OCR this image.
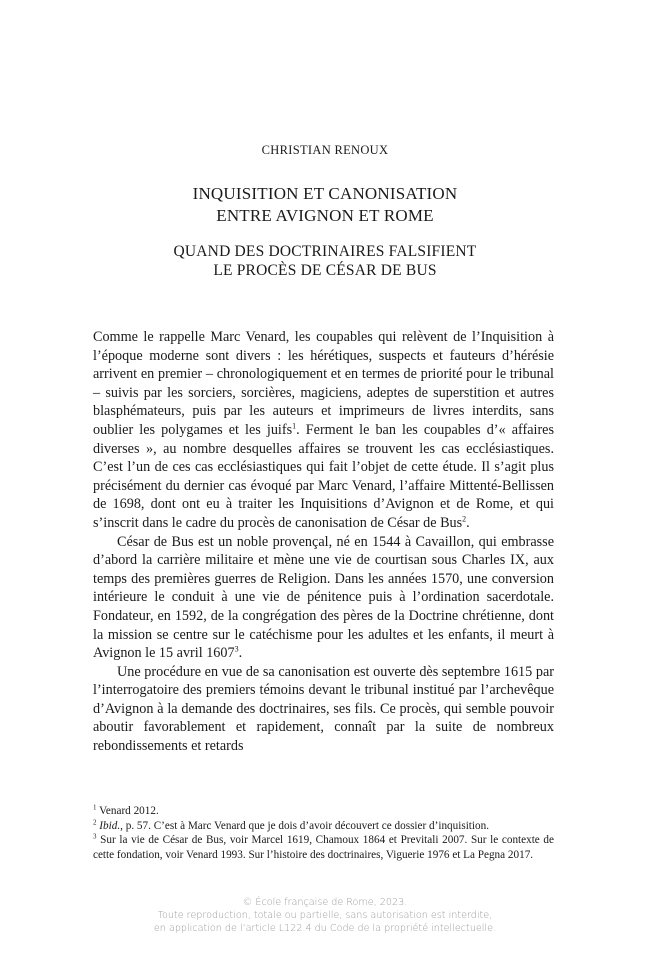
CHRISTIAN RENOUX
INQUISITION ET CANONISATION
ENTRE AVIGNON ET ROME
QUAND DES DOCTRINAIRES FALSIFIENT
LE PROCÈS DE CÉSAR DE BUS

Comme le rappelle Marc Venard, les coupables qui relèvent de l’Inquisition à l’époque moderne sont divers : les hérétiques, suspects et fauteurs d’hérésie arrivent en premier – chronologiquement et en termes de priorité pour le tribunal – suivis par les sorciers, sorcières, magiciens, adeptes de superstition et autres blasphémateurs, puis par les auteurs et imprimeurs de livres interdits, sans oublier les polygames et les juifs$^1$. Ferment le ban les coupables d’« affaires diverses », au nombre desquelles affaires se trouvent les cas ecclésiastiques. C’est l’un de ces cas ecclésiastiques qui fait l’objet de cette étude. Il s’agit plus précisément du dernier cas évoqué par Marc Venard, l’affaire Mittenté-Bellissen de 1698, dont ont eu à traiter les Inquisitions d’Avignon et de Rome, et qui s’inscrit dans le cadre du procès de canonisation de César de Bus$^2$.

César de Bus est un noble provençal, né en 1544 à Cavaillon, qui embrasse d’abord la carrière militaire et mène une vie de courtisan sous Charles IX, aux temps des premières guerres de Religion. Dans les années 1570, une conversion intérieure le conduit à une vie de pénitence puis à l’ordination sacerdotale. Fondateur, en 1592, de la congrégation des pères de la Doctrine chrétienne, dont la mission se centre sur le catéchisme pour les adultes et les enfants, il meurt à Avignon le 15 avril 1607$^3$.

Une procédure en vue de sa canonisation est ouverte dès septembre 1615 par l’interrogatoire des premiers témoins devant le tribunal institué par l’archevêque d’Avignon à la demande des doctrinaires, ses fils. Ce procès, qui semble pouvoir aboutir favorablement et rapidement, connaît par la suite de nombreux rebondissements et retards

$^1$ Venard 2012.

$^2$ Ibid., p. 57. C’est à Marc Venard que je dois d’avoir découvert ce dossier d’inquisition.

$^3$ Sur la vie de César de Bus, voir Marcel 1619, Chamoux 1864 et Previtali 2007. Sur le contexte de cette fondation, voir Venard 1993. Sur l’histoire des doctrinaires, Viguerie 1976 et La Pegna 2017.

© École française de Rome, 2023.
Toute reproduction, totale ou partielle, sans autorisation est interdite,
en application de l’article L122.4 du Code de la propriété intellectuelle.
